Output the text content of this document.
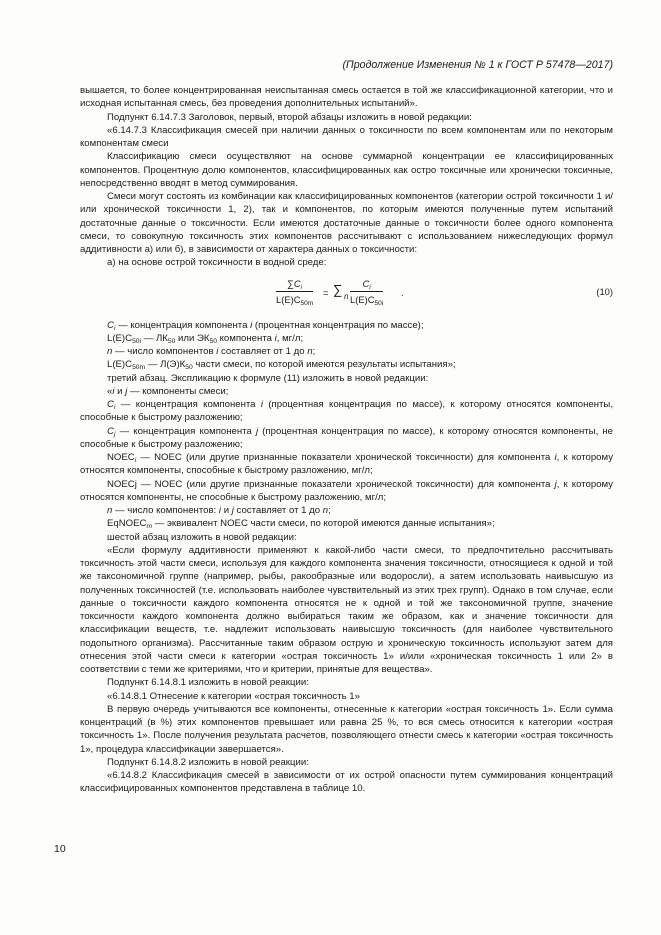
(Продолжение Изменения № 1 к ГОСТ Р 57478—2017)

вышается, то более концентрированная неиспытанная смесь остается в той же классификационной категории, что и исходная испытанная смесь, без проведения дополнительных испытаний».

Подпункт 6.14.7.3 Заголовок, первый, второй абзацы изложить в новой редакции:

«6.14.7.3 Классификация смесей при наличии данных о токсичности по всем компонентам или по некоторым компонентам смеси

Классификацию смеси осуществляют на основе суммарной концентрации ее классифицированных компонентов. Процентную долю компонентов, классифицированных как остро токсичные или хронически токсичные, непосредственно вводят в метод суммирования.

Смеси могут состоять из комбинации как классифицированных компонентов (категории острой токсичности 1 и/или хронической токсичности 1, 2), так и компонентов, по которым имеются полученные путем испытаний достаточные данные о токсичности. Если имеются достаточные данные о токсичности более одного компонента смеси, то совокупную токсичность этих компонентов рассчитывают с использованием нижеследующих формул аддитивности а) или б), в зависимости от характера данных о токсичности:

а) на основе острой токсичности в водной среде:

$\frac{\sum C_i}{L(E)C_{50m}}$ = ∑ n $\frac{C_i}{L(E)C_{50i}}$ .	(10)

$C_i$ — концентрация компонента i (процентная концентрация по массе);

$L(E)C_{50i}$ — $ЛК_{50}$ или $ЭК_{50}$ компонента i, мг/л;

n — число компонентов i составляет от 1 до n;

$L(E)C_{50m}$ — $Л(Э)К_{50}$ части смеси, по которой имеются результаты испытания»;

третий абзац. Экспликацию к формуле (11) изложить в новой редакции:

«i и j — компоненты смеси;

$C_i$ — концентрация компонента i (процентная концентрация по массе), к которому относятся компоненты, способные к быстрому разложению;

$C_j$ — концентрация компонента j (процентная концентрация по массе), к которому относятся компоненты, не способные к быстрому разложению;

$NOEC_i$ — NOEC (или другие признанные показатели хронической токсичности) для компонента i, к которому относятся компоненты, способные к быстрому разложению, мг/л;

NOECj — NOEC (или другие признанные показатели хронической токсичности) для компонента j, к которому относятся компоненты, не способные к быстрому разложению, мг/л;

n — число компонентов: i и j составляет от 1 до n;

EqNOEC$_m$ — эквивалент NOEC части смеси, по которой имеются данные испытания»;

шестой абзац изложить в новой редакции:

«Если формулу аддитивности применяют к какой-либо части смеси, то предпочтительно рассчитывать токсичность этой части смеси, используя для каждого компонента значения токсичности, относящиеся к одной и той же таксономичной группе (например, рыбы, ракообразные или водоросли), а затем использовать наивысшую из полученных токсичностей (т.е. использовать наиболее чувствительный из этих трех групп). Однако в том случае, если данные о токсичности каждого компонента относятся не к одной и той же таксономичной группе, значение токсичности каждого компонента должно выбираться таким же образом, как и значение токсичности для классификации веществ, т.е. надлежит использовать наивысшую токсичность (для наиболее чувствительного подопытного организма). Рассчитанные таким образом острую и хроническую токсичность используют затем для отнесения этой части смеси к категории «острая токсичность 1» и/или «хроническая токсичность 1 или 2» в соответствии с теми же критериями, что и критерии, принятые для вещества».

Подпункт 6.14.8.1 изложить в новой реакции:

«6.14.8.1 Отнесение к категории «острая токсичность 1»

В первую очередь учитываются все компоненты, отнесенные к категории «острая токсичность 1». Если сумма концентраций (в %) этих компонентов превышает или равна 25 %, то вся смесь относится к категории «острая токсичность 1». После получения результата расчетов, позволяющего отнести смесь к категории «острая токсичность 1», процедура классификации завершается».

Подпункт 6.14.8.2 изложить в новой реакции:

«6.14.8.2 Классификация смесей в зависимости от их острой опасности путем суммирования концентраций классифицированных компонентов представлена в таблице 10.

10
